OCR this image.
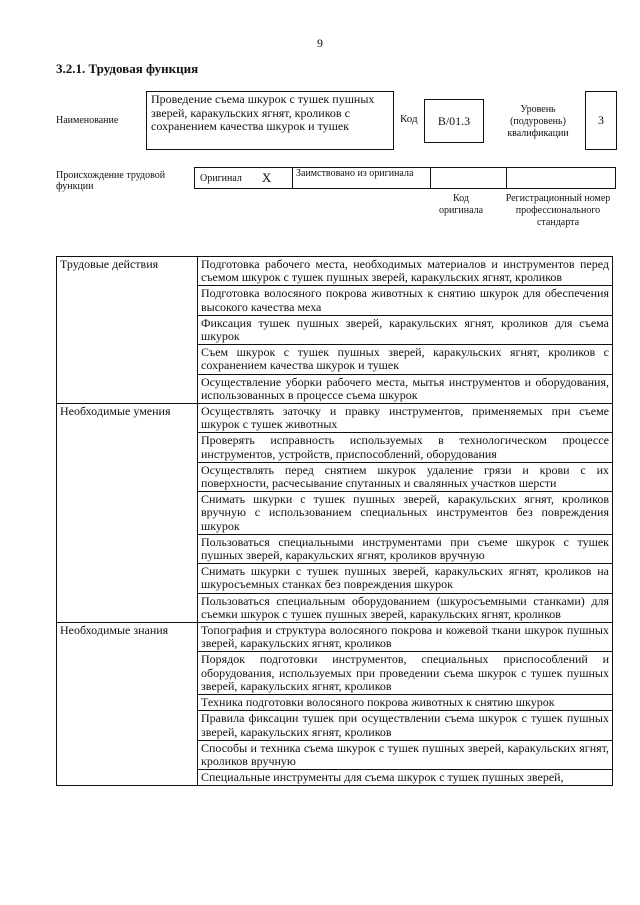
9
3.2.1. Трудовая функция
Наименование
Проведение съема шкурок с тушек пушных зверей, каракульских ягнят, кроликов с сохранением качества шкурок и тушек	Код	B/01.3
Уровень (подуровень) квалификации
3
Происхождение трудовой функции
Оригинал X	Заимствовано из оригинала
Код оригинала
Регистрационный номер профессионального стандарта
Трудовые действия	Подготовка рабочего места, необходимых материалов и инструментов перед съемом шкурок с тушек пушных зверей, каракульских ягнят, кроликов
	Подготовка волосяного покрова животных к снятию шкурок для обеспечения высокого качества меха
	Фиксация тушек пушных зверей, каракульских ягнят, кроликов для съема шкурок
	Съем шкурок с тушек пушных зверей, каракульских ягнят, кроликов с сохранением качества шкурок и тушек
	Осуществление уборки рабочего места, мытья инструментов и оборудования, использованных в процессе съема шкурок
Необходимые умения	Осуществлять заточку и правку инструментов, применяемых при съеме шкурок с тушек животных
	Проверять исправность используемых в технологическом процессе инструментов, устройств, приспособлений, оборудования
	Осуществлять перед снятием шкурок удаление грязи и крови с их поверхности, расчесывание спутанных и свалянных участков шерсти
	Снимать шкурки с тушек пушных зверей, каракульских ягнят, кроликов вручную с использованием специальных инструментов без повреждения шкурок
	Пользоваться специальными инструментами при съеме шкурок с тушек пушных зверей, каракульских ягнят, кроликов вручную
	Снимать шкурки с тушек пушных зверей, каракульских ягнят, кроликов на шкуросъемных станках без повреждения шкурок
	Пользоваться специальным оборудованием (шкуросъемными станками) для съемки шкурок с тушек пушных зверей, каракульских ягнят, кроликов
Необходимые знания	Топография и структура волосяного покрова и кожевой ткани шкурок пушных зверей, каракульских ягнят, кроликов
	Порядок подготовки инструментов, специальных приспособлений и оборудования, используемых при проведении съема шкурок с тушек пушных зверей, каракульских ягнят, кроликов
	Техника подготовки волосяного покрова животных к снятию шкурок
	Правила фиксации тушек при осуществлении съема шкурок с тушек пушных зверей, каракульских ягнят, кроликов
	Способы и техника съема шкурок с тушек пушных зверей, каракульских ягнят, кроликов вручную
	Специальные инструменты для съема шкурок с тушек пушных зверей,
